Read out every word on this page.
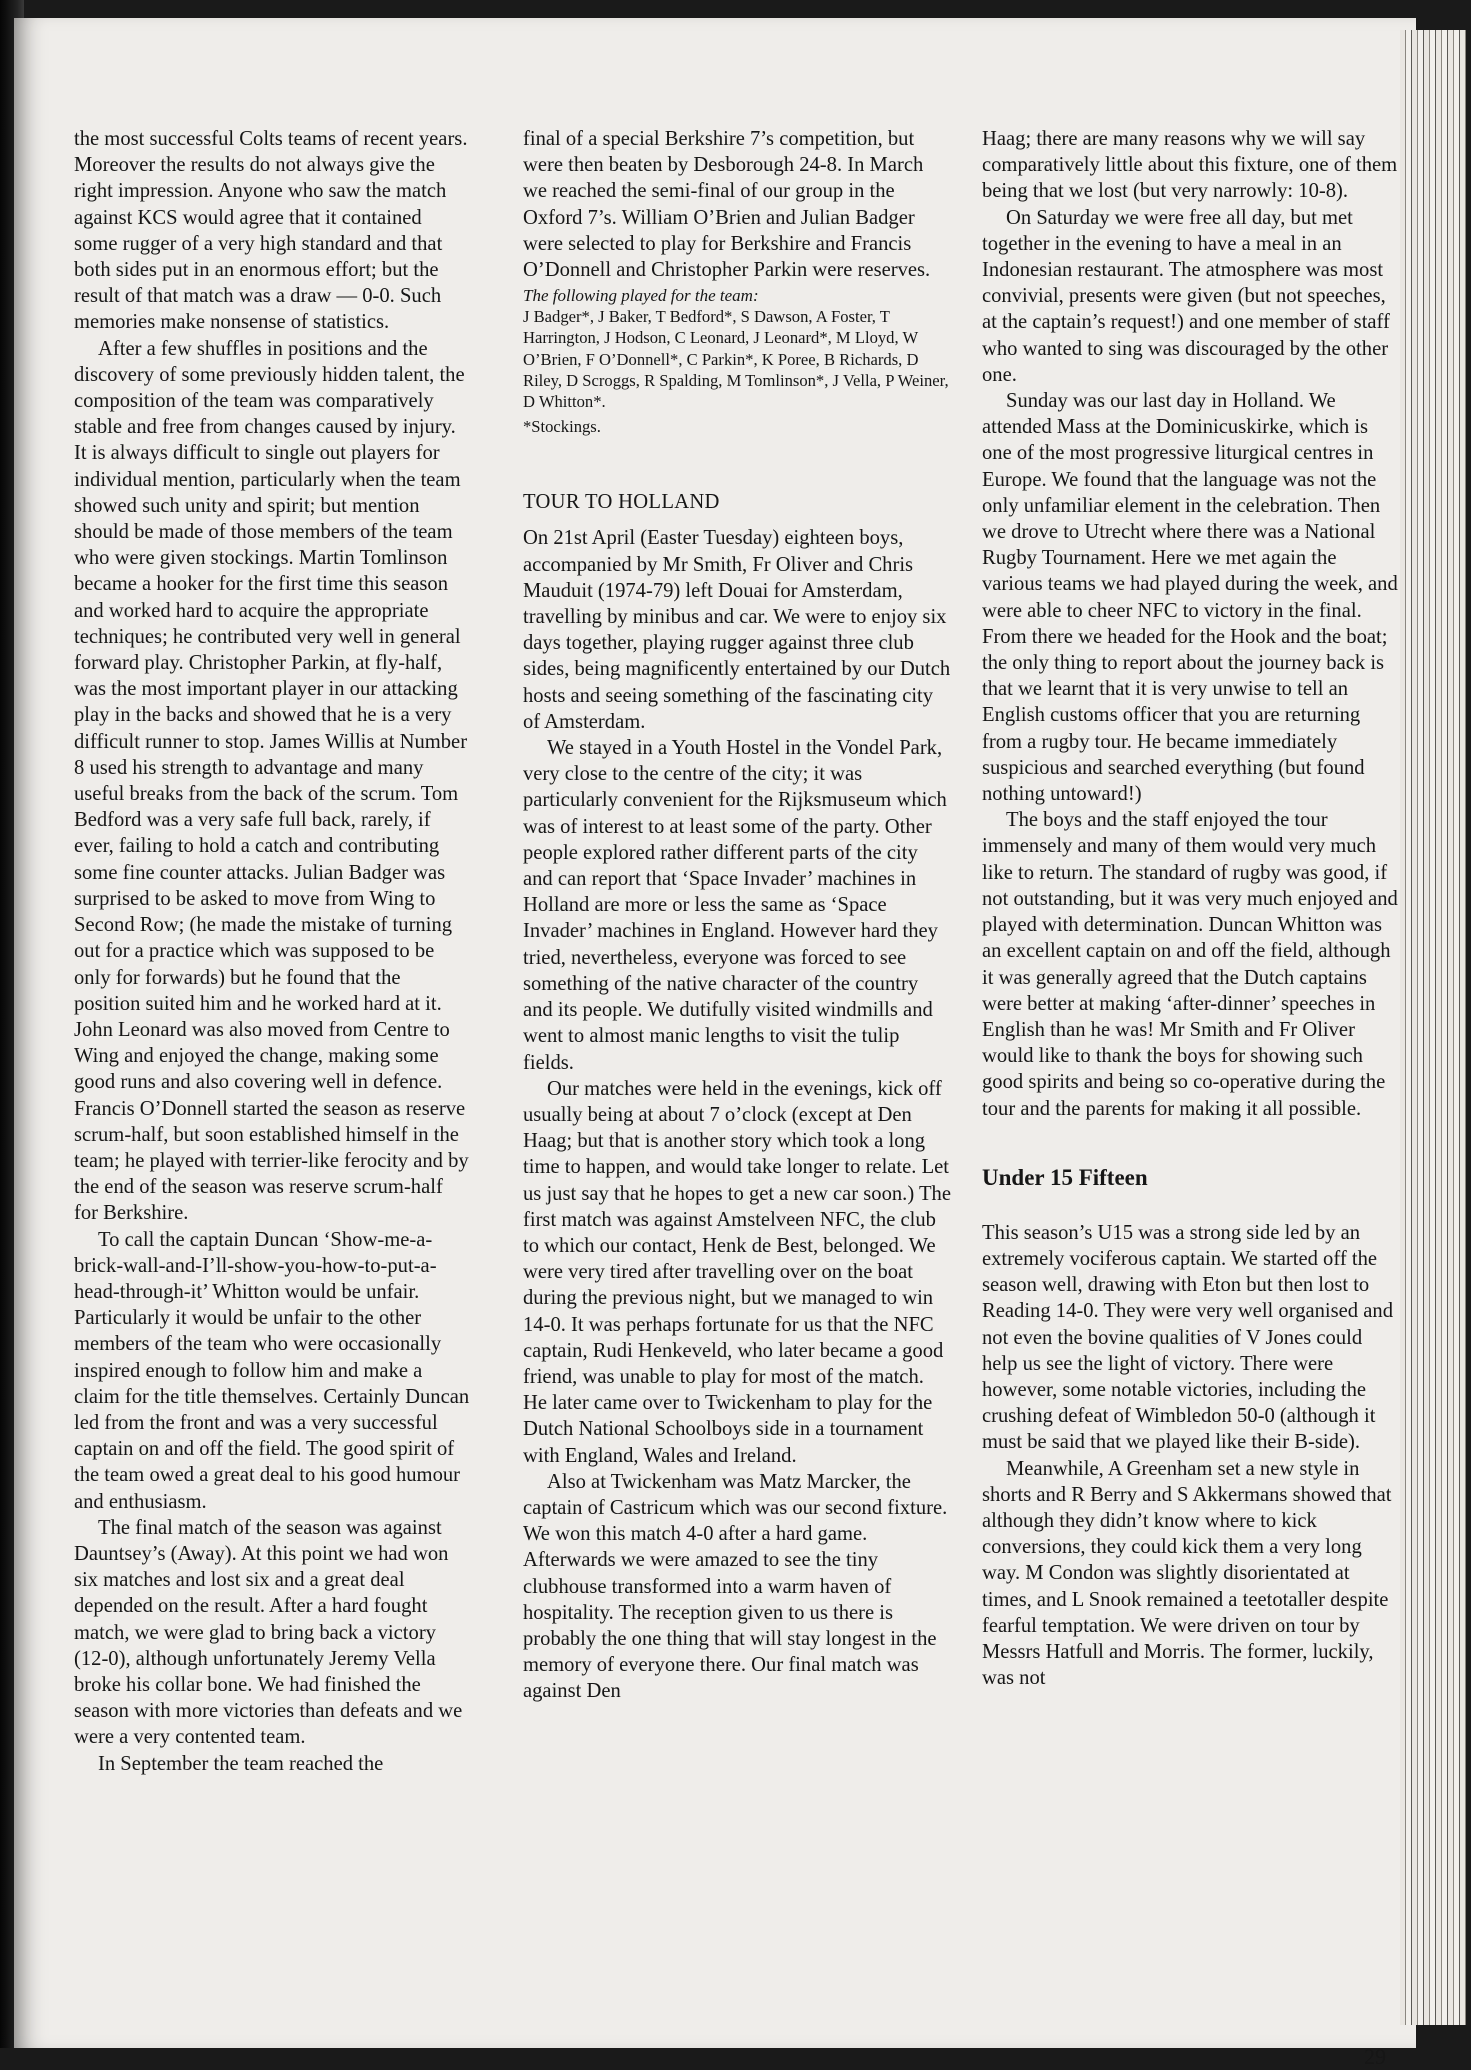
the most successful Colts teams of recent years. Moreover the results do not always give the right impression. Anyone who saw the match against KCS would agree that it contained some rugger of a very high standard and that both sides put in an enormous effort; but the result of that match was a draw — 0-0. Such memories make nonsense of statistics.

After a few shuffles in positions and the discovery of some previously hidden talent, the composition of the team was comparatively stable and free from changes caused by injury. It is always difficult to single out players for individual mention, particularly when the team showed such unity and spirit; but mention should be made of those members of the team who were given stockings. Martin Tomlinson became a hooker for the first time this season and worked hard to acquire the appropriate techniques; he contributed very well in general forward play. Christopher Parkin, at fly-half, was the most important player in our attacking play in the backs and showed that he is a very difficult runner to stop. James Willis at Number 8 used his strength to advantage and many useful breaks from the back of the scrum. Tom Bedford was a very safe full back, rarely, if ever, failing to hold a catch and contributing some fine counter attacks. Julian Badger was surprised to be asked to move from Wing to Second Row; (he made the mistake of turning out for a practice which was supposed to be only for forwards) but he found that the position suited him and he worked hard at it. John Leonard was also moved from Centre to Wing and enjoyed the change, making some good runs and also covering well in defence. Francis O’Donnell started the season as reserve scrum-half, but soon established himself in the team; he played with terrier-like ferocity and by the end of the season was reserve scrum-half for Berkshire.

To call the captain Duncan ‘Show-me-a-brick-wall-and-I’ll-show-you-how-to-put-a-head-through-it’ Whitton would be unfair. Particularly it would be unfair to the other members of the team who were occasionally inspired enough to follow him and make a claim for the title themselves. Certainly Duncan led from the front and was a very successful captain on and off the field. The good spirit of the team owed a great deal to his good humour and enthusiasm.

The final match of the season was against Dauntsey’s (Away). At this point we had won six matches and lost six and a great deal depended on the result. After a hard fought match, we were glad to bring back a victory (12-0), although unfortunately Jeremy Vella broke his collar bone. We had finished the season with more victories than defeats and we were a very contented team.

In September the team reached the

final of a special Berkshire 7’s competition, but were then beaten by Desborough 24-8. In March we reached the semi-final of our group in the Oxford 7’s. William O’Brien and Julian Badger were selected to play for Berkshire and Francis O’Donnell and Christopher Parkin were reserves.

The following played for the team:

J Badger*, J Baker, T Bedford*, S Dawson, A Foster, T Harrington, J Hodson, C Leonard, J Leonard*, M Lloyd, W O’Brien, F O’Donnell*, C Parkin*, K Poree, B Richards, D Riley, D Scroggs, R Spalding, M Tomlinson*, J Vella, P Weiner, D Whitton*.

*Stockings.

TOUR TO HOLLAND

On 21st April (Easter Tuesday) eighteen boys, accompanied by Mr Smith, Fr Oliver and Chris Mauduit (1974-79) left Douai for Amsterdam, travelling by minibus and car. We were to enjoy six days together, playing rugger against three club sides, being magnificently entertained by our Dutch hosts and seeing something of the fascinating city of Amsterdam.

We stayed in a Youth Hostel in the Vondel Park, very close to the centre of the city; it was particularly convenient for the Rijksmuseum which was of interest to at least some of the party. Other people explored rather different parts of the city and can report that ‘Space Invader’ machines in Holland are more or less the same as ‘Space Invader’ machines in England. However hard they tried, nevertheless, everyone was forced to see something of the native character of the country and its people. We dutifully visited windmills and went to almost manic lengths to visit the tulip fields.

Our matches were held in the evenings, kick off usually being at about 7 o’clock (except at Den Haag; but that is another story which took a long time to happen, and would take longer to relate. Let us just say that he hopes to get a new car soon.) The first match was against Amstelveen NFC, the club to which our contact, Henk de Best, belonged. We were very tired after travelling over on the boat during the previous night, but we managed to win 14-0. It was perhaps fortunate for us that the NFC captain, Rudi Henkeveld, who later became a good friend, was unable to play for most of the match. He later came over to Twickenham to play for the Dutch National Schoolboys side in a tournament with England, Wales and Ireland.

Also at Twickenham was Matz Marcker, the captain of Castricum which was our second fixture. We won this match 4-0 after a hard game. Afterwards we were amazed to see the tiny clubhouse transformed into a warm haven of hospitality. The reception given to us there is probably the one thing that will stay longest in the memory of everyone there. Our final match was against Den

Haag; there are many reasons why we will say comparatively little about this fixture, one of them being that we lost (but very narrowly: 10-8).

On Saturday we were free all day, but met together in the evening to have a meal in an Indonesian restaurant. The atmosphere was most convivial, presents were given (but not speeches, at the captain’s request!) and one member of staff who wanted to sing was discouraged by the other one.

Sunday was our last day in Holland. We attended Mass at the Dominicuskirke, which is one of the most progressive liturgical centres in Europe. We found that the language was not the only unfamiliar element in the celebration. Then we drove to Utrecht where there was a National Rugby Tournament. Here we met again the various teams we had played during the week, and were able to cheer NFC to victory in the final. From there we headed for the Hook and the boat; the only thing to report about the journey back is that we learnt that it is very unwise to tell an English customs officer that you are returning from a rugby tour. He became immediately suspicious and searched everything (but found nothing untoward!)

The boys and the staff enjoyed the tour immensely and many of them would very much like to return. The standard of rugby was good, if not outstanding, but it was very much enjoyed and played with determination. Duncan Whitton was an excellent captain on and off the field, although it was generally agreed that the Dutch captains were better at making ‘after-dinner’ speeches in English than he was! Mr Smith and Fr Oliver would like to thank the boys for showing such good spirits and being so co-operative during the tour and the parents for making it all possible.

Under 15 Fifteen

This season’s U15 was a strong side led by an extremely vociferous captain. We started off the season well, drawing with Eton but then lost to Reading 14-0. They were very well organised and not even the bovine qualities of V Jones could help us see the light of victory. There were however, some notable victories, including the crushing defeat of Wimbledon 50-0 (although it must be said that we played like their B-side).

Meanwhile, A Greenham set a new style in shorts and R Berry and S Akkermans showed that although they didn’t know where to kick conversions, they could kick them a very long way. M Condon was slightly disorientated at times, and L Snook remained a teetotaller despite fearful temptation. We were driven on tour by Messrs Hatfull and Morris. The former, luckily, was not

29
